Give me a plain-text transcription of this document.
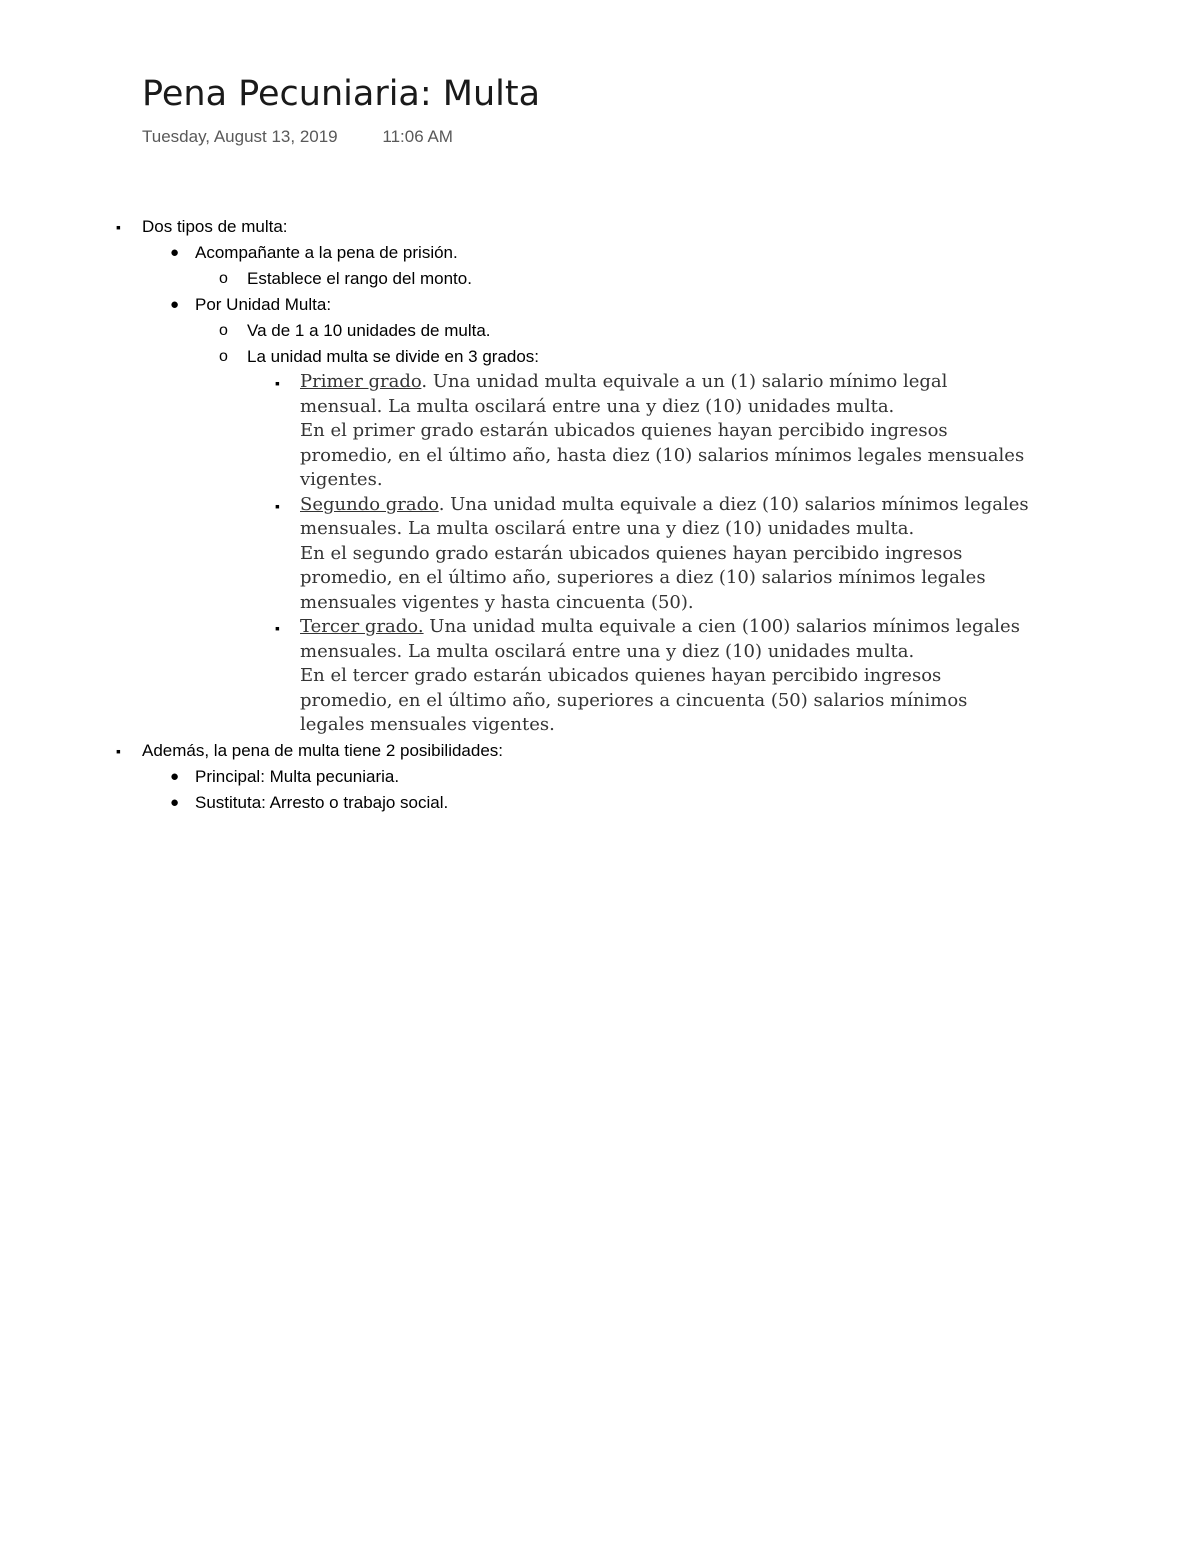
Pena Pecuniaria: Multa
Tuesday, August 13, 2019	11:06 AM
▪ Dos tipos de multa:
● Acompañante a la pena de prisión.
o Establece el rango del monto.
● Por Unidad Multa:
o Va de 1 a 10 unidades de multa.
o La unidad multa se divide en 3 grados:
▪ Primer grado. Una unidad multa equivale a un (1) salario mínimo legal
mensual. La multa oscilará entre una y diez (10) unidades multa.
En el primer grado estarán ubicados quienes hayan percibido ingresos
promedio, en el último año, hasta diez (10) salarios mínimos legales mensuales
vigentes.
▪ Segundo grado. Una unidad multa equivale a diez (10) salarios mínimos legales
mensuales. La multa oscilará entre una y diez (10) unidades multa.
En el segundo grado estarán ubicados quienes hayan percibido ingresos
promedio, en el último año, superiores a diez (10) salarios mínimos legales
mensuales vigentes y hasta cincuenta (50).
▪ Tercer grado. Una unidad multa equivale a cien (100) salarios mínimos legales
mensuales. La multa oscilará entre una y diez (10) unidades multa.
En el tercer grado estarán ubicados quienes hayan percibido ingresos
promedio, en el último año, superiores a cincuenta (50) salarios mínimos
legales mensuales vigentes.
▪ Además, la pena de multa tiene 2 posibilidades:
● Principal: Multa pecuniaria.
● Sustituta: Arresto o trabajo social.
